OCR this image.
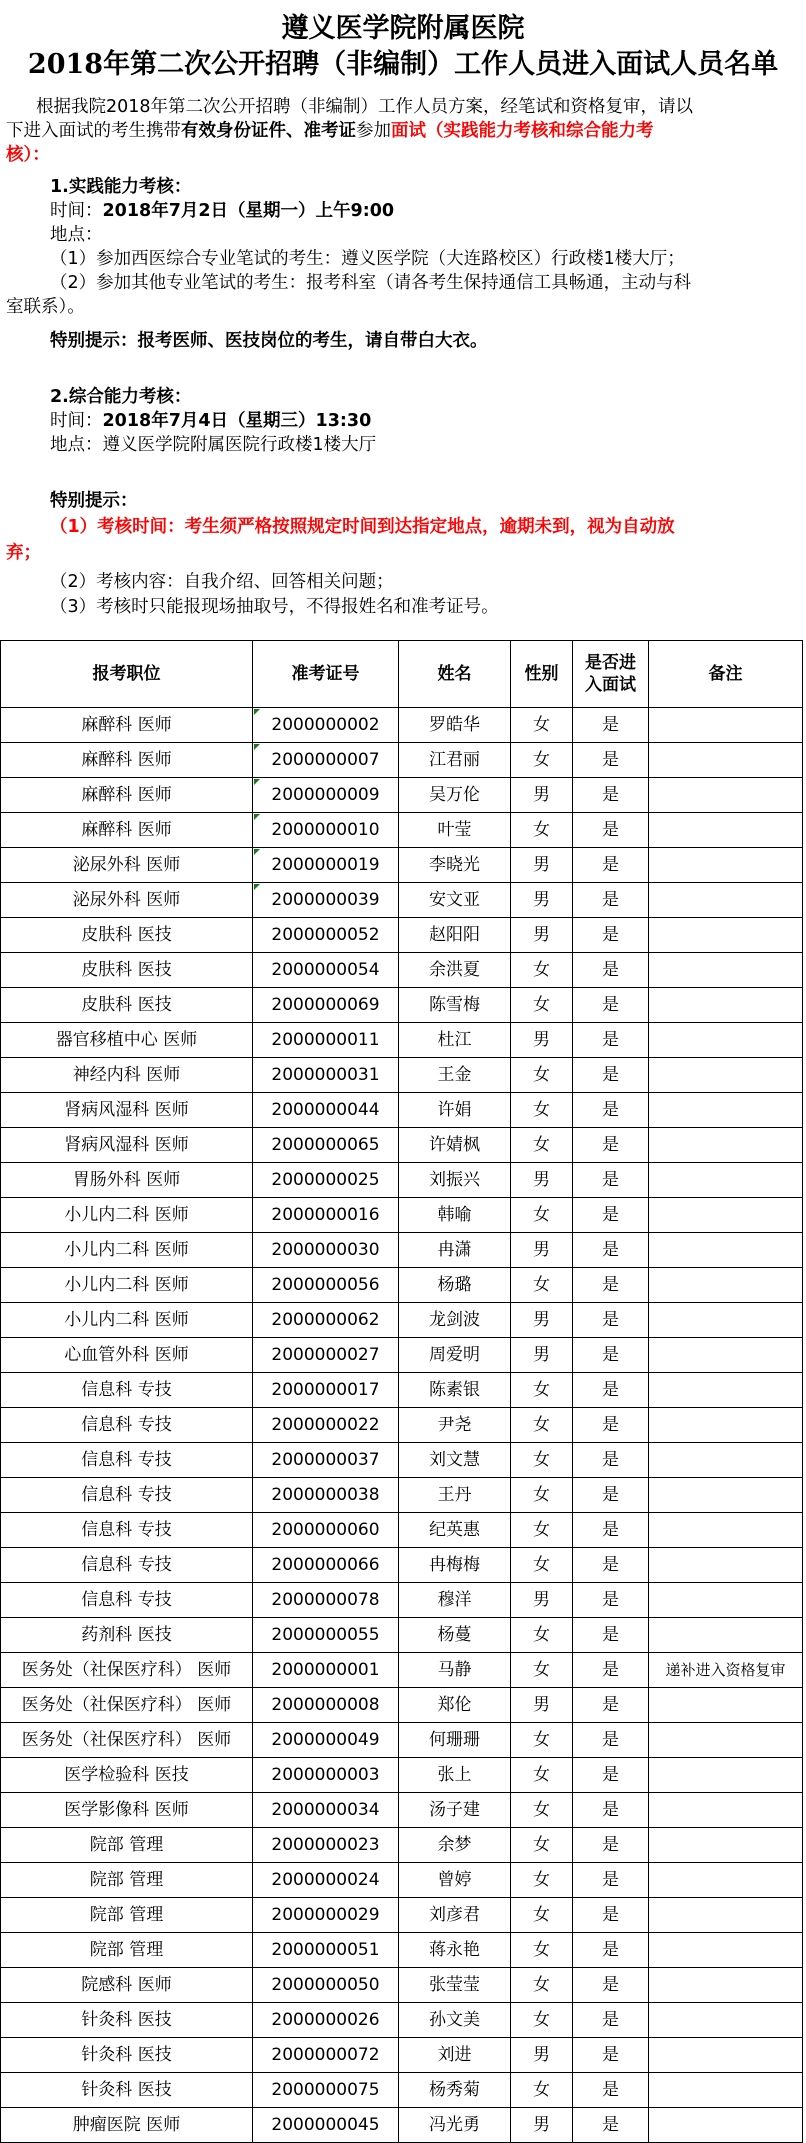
遵义医学院附属医院
2018年第二次公开招聘（非编制）工作人员进入面试人员名单
根据我院2018年第二次公开招聘（非编制）工作人员方案，经笔试和资格复审，请以
下进入面试的考生携带有效身份证件、准考证参加面试（实践能力考核和综合能力考
核）：
1.实践能力考核：
时间：2018年7月2日（星期一）上午9:00
地点：
（1）参加西医综合专业笔试的考生：遵义医学院（大连路校区）行政楼1楼大厅；
（2）参加其他专业笔试的考生：报考科室（请各考生保持通信工具畅通，主动与科
室联系）。
特别提示：报考医师、医技岗位的考生，请自带白大衣。
2.综合能力考核：
时间：2018年7月4日（星期三）13:30
地点：遵义医学院附属医院行政楼1楼大厅
特别提示：
（1）考核时间：考生须严格按照规定时间到达指定地点，逾期未到，视为自动放
弃；
（2）考核内容：自我介绍、回答相关问题；
（3）考核时只能报现场抽取号，不得报姓名和准考证号。
报考职位	准考证号	姓名	性别	是否进
入面试	备注
麻醉科 医师	2000000002	罗皓华	女	是	
麻醉科 医师	2000000007	江君丽	女	是	
麻醉科 医师	2000000009	吴万伦	男	是	
麻醉科 医师	2000000010	叶莹	女	是	
泌尿外科 医师	2000000019	李晓光	男	是	
泌尿外科 医师	2000000039	安文亚	男	是	
皮肤科 医技	2000000052	赵阳阳	男	是	
皮肤科 医技	2000000054	余洪夏	女	是	
皮肤科 医技	2000000069	陈雪梅	女	是	
器官移植中心 医师	2000000011	杜江	男	是	
神经内科 医师	2000000031	王金	女	是	
肾病风湿科 医师	2000000044	许娟	女	是	
肾病风湿科 医师	2000000065	许婧枫	女	是	
胃肠外科 医师	2000000025	刘振兴	男	是	
小儿内二科 医师	2000000016	韩喻	女	是	
小儿内二科 医师	2000000030	冉潇	男	是	
小儿内二科 医师	2000000056	杨璐	女	是	
小儿内二科 医师	2000000062	龙剑波	男	是	
心血管外科 医师	2000000027	周爱明	男	是	
信息科 专技	2000000017	陈素银	女	是	
信息科 专技	2000000022	尹尧	女	是	
信息科 专技	2000000037	刘文慧	女	是	
信息科 专技	2000000038	王丹	女	是	
信息科 专技	2000000060	纪英惠	女	是	
信息科 专技	2000000066	冉梅梅	女	是	
信息科 专技	2000000078	穆洋	男	是	
药剂科 医技	2000000055	杨蔓	女	是	
医务处（社保医疗科） 医师	2000000001	马静	女	是	递补进入资格复审
医务处（社保医疗科） 医师	2000000008	郑伦	男	是	
医务处（社保医疗科） 医师	2000000049	何珊珊	女	是	
医学检验科 医技	2000000003	张上	女	是	
医学影像科 医师	2000000034	汤子建	女	是	
院部 管理	2000000023	余梦	女	是	
院部 管理	2000000024	曾婷	女	是	
院部 管理	2000000029	刘彦君	女	是	
院部 管理	2000000051	蒋永艳	女	是	
院感科 医师	2000000050	张莹莹	女	是	
针灸科 医技	2000000026	孙文美	女	是	
针灸科 医技	2000000072	刘进	男	是	
针灸科 医技	2000000075	杨秀菊	女	是	
肿瘤医院 医师	2000000045	冯光勇	男	是	
